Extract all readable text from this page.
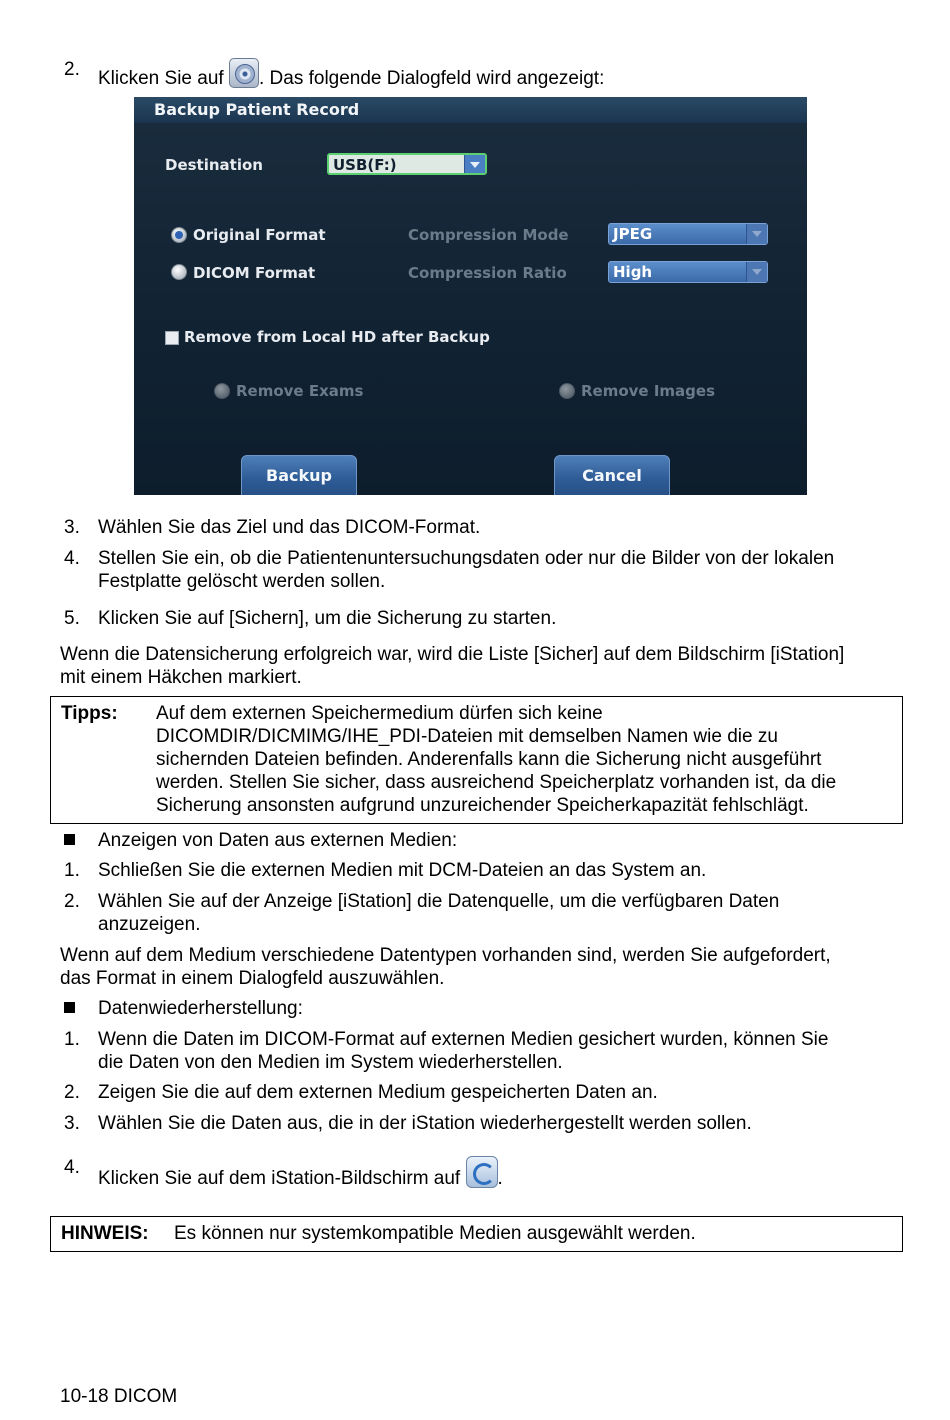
2. Klicken Sie auf . Das folgende Dialogfeld wird angezeigt:
Backup Patient Record
Destination	USB(F:)
Original Format
DICOM Format
Compression Mode	JPEG
Compression Ratio	High
Remove from Local HD after Backup
Remove Exams	Remove Images
Backup	Cancel
3. Wählen Sie das Ziel und das DICOM-Format.
4. Stellen Sie ein, ob die Patientenuntersuchungsdaten oder nur die Bilder von der lokalen
Festplatte gelöscht werden sollen.
5. Klicken Sie auf [Sichern], um die Sicherung zu starten.
Wenn die Datensicherung erfolgreich war, wird die Liste [Sicher] auf dem Bildschirm [iStation]
mit einem Häkchen markiert.
Tipps: Auf dem externen Speichermedium dürfen sich keine
DICOMDIR/DICMIMG/IHE_PDI-Dateien mit demselben Namen wie die zu
sichernden Dateien befinden. Anderenfalls kann die Sicherung nicht ausgeführt
werden. Stellen Sie sicher, dass ausreichend Speicherplatz vorhanden ist, da die
Sicherung ansonsten aufgrund unzureichender Speicherkapazität fehlschlägt.
Anzeigen von Daten aus externen Medien:
1. Schließen Sie die externen Medien mit DCM-Dateien an das System an.
2. Wählen Sie auf der Anzeige [iStation] die Datenquelle, um die verfügbaren Daten
anzuzeigen.
Wenn auf dem Medium verschiedene Datentypen vorhanden sind, werden Sie aufgefordert,
das Format in einem Dialogfeld auszuwählen.
Datenwiederherstellung:
1. Wenn die Daten im DICOM-Format auf externen Medien gesichert wurden, können Sie
die Daten von den Medien im System wiederherstellen.
2. Zeigen Sie die auf dem externen Medium gespeicherten Daten an.
3. Wählen Sie die Daten aus, die in der iStation wiederhergestellt werden sollen.
4.
Klicken Sie auf dem iStation-Bildschirm auf .
HINWEIS: Es können nur systemkompatible Medien ausgewählt werden.
10-18 DICOM
